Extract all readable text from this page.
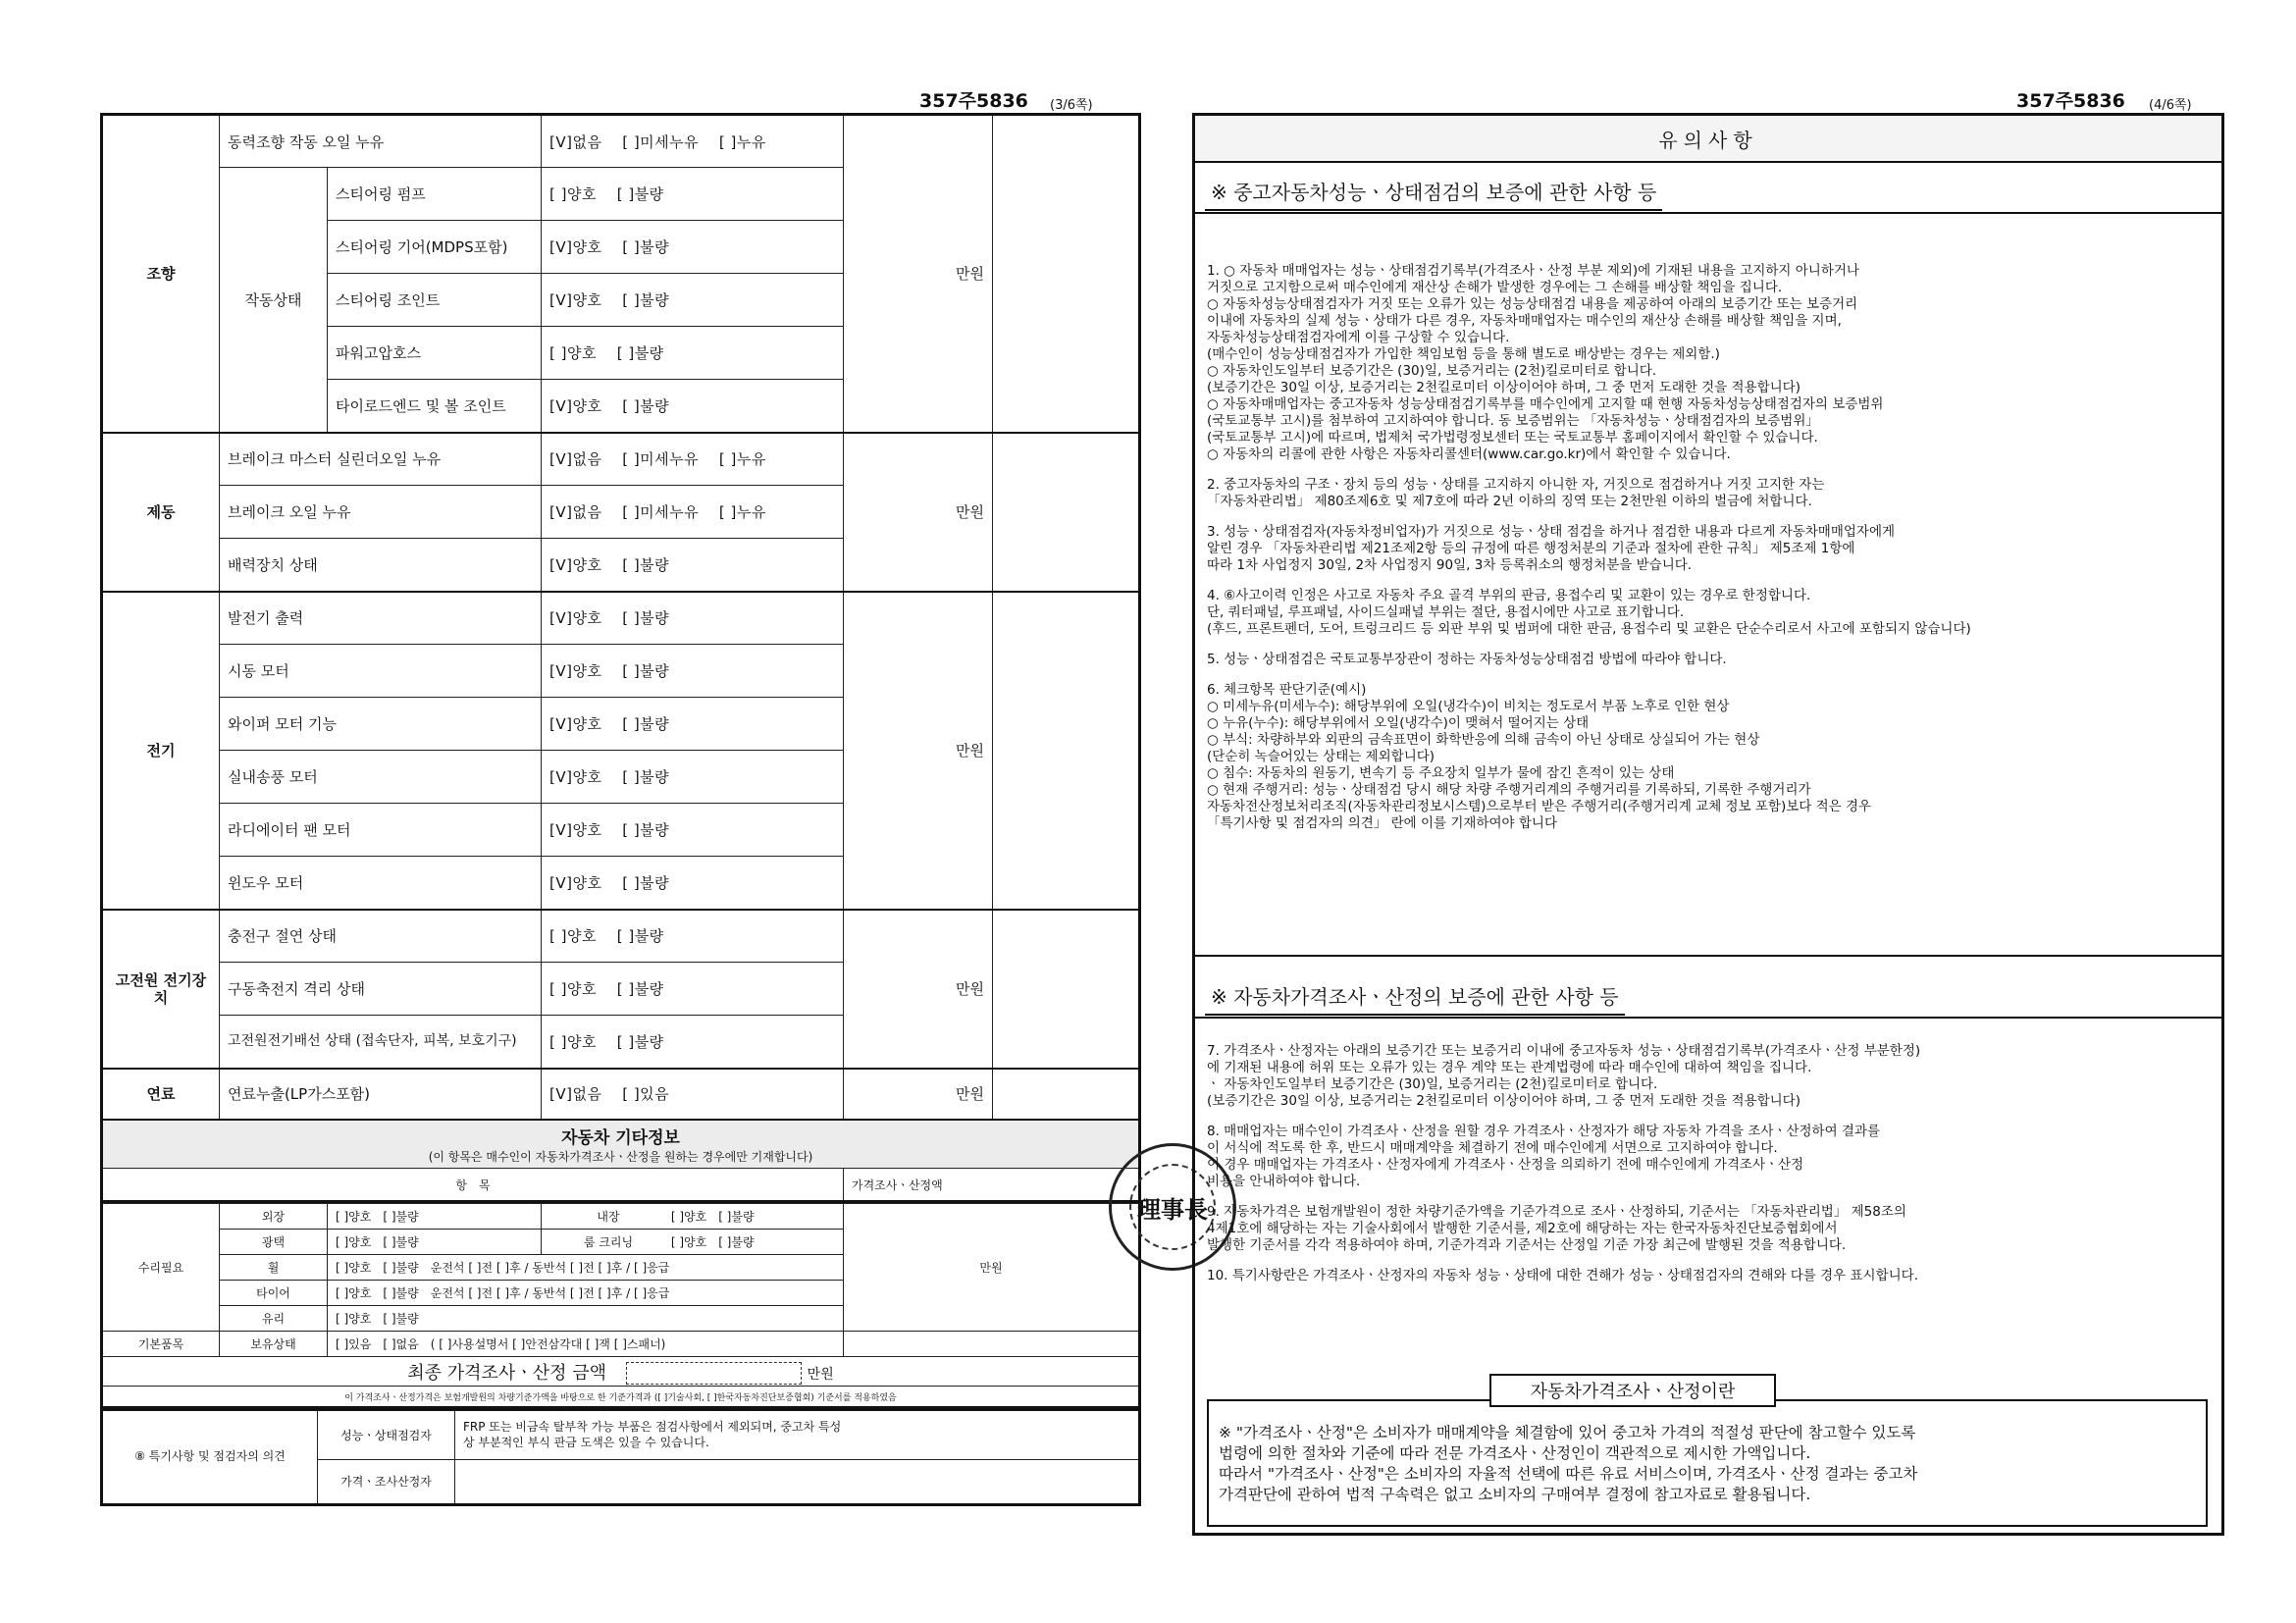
357주5836 (3/6쪽)
조향	동력조향 작동 오일 누유		[V]없음　 [ ]미세누유　 [ ]누유	만원	
	작동상태	스티어링 펌프	[ ]양호　 [ ]불량		
		스티어링 기어(MDPS포함)	[V]양호　 [ ]불량		
		스티어링 조인트	[V]양호　 [ ]불량		
		파워고압호스	[ ]양호　 [ ]불량		
		타이로드엔드 및 볼 조인트	[V]양호　 [ ]불량		
제동	브레이크 마스터 실린더오일 누유		[V]없음　 [ ]미세누유　 [ ]누유	만원	
	브레이크 오일 누유		[V]없음　 [ ]미세누유　 [ ]누유		
	배력장치 상태		[V]양호　 [ ]불량		
전기	발전기 출력		[V]양호　 [ ]불량	만원	
	시동 모터		[V]양호　 [ ]불량		
	와이퍼 모터 기능		[V]양호　 [ ]불량		
	실내송풍 모터		[V]양호　 [ ]불량		
	라디에이터 팬 모터		[V]양호　 [ ]불량		
	윈도우 모터		[V]양호　 [ ]불량		
고전원 전기장치	충전구 절연 상태		[ ]양호　 [ ]불량	만원	
	구동축전지 격리 상태		[ ]양호　 [ ]불량		
	고전원전기배선 상태 (접속단자, 피복, 보호기구)		[ ]양호　 [ ]불량		
연료	연료누출(LP가스포함)		[V]없음　 [ ]있음	만원	

자동차 기타정보
(이 항목은 매수인이 자동차가격조사ㆍ산정을 원하는 경우에만 기재합니다)					

항　목				가격조사ㆍ산정액	
수리필요	외장	[ ]양호　[ ]불량	내장 [ ]양호　[ ]불량	만원
	광택	[ ]양호　[ ]불량	룸 크리닝 [ ]양호　[ ]불량	
	휠	[ ]양호　[ ]불량　운전석 [ ]전 [ ]후 / 동반석 [ ]전 [ ]후 / [ ]응급		
	타이어	[ ]양호　[ ]불량　운전석 [ ]전 [ ]후 / 동반석 [ ]전 [ ]후 / [ ]응급		
	유리	[ ]양호　[ ]불량		
기본품목	보유상태	[ ]있음　[ ]없음　( [ ]사용설명서 [ ]안전삼각대 [ ]잭 [ ]스패너)		
최종 가격조사ㆍ산정 금액 만원				
이 가격조사ㆍ산정가격은 보험개발원의 차량기준가액을 바탕으로 한 기준가격과 ([ ]기술사회, [ ]한국자동차진단보증협회) 기준서를 적용하였음				
⑧ 특기사항 및 점검자의 의견	성능ㆍ상태점검자	FRP 또는 비금속 탈부착 가능 부품은 점검사항에서 제외되며, 중고차 특성상 부분적인 부식 판금 도색은 있을 수 있습니다.
	가격ㆍ조사산정자	
理事長
357주5836 (4/6쪽)
유의사항
※ 중고자동차성능ㆍ상태점검의 보증에 관한 사항 등

1. ○ 자동차 매매업자는 성능ㆍ상태점검기록부(가격조사ㆍ산정 부분 제외)에 기재된 내용을 고지하지 아니하거나
거짓으로 고지함으로써 매수인에게 재산상 손해가 발생한 경우에는 그 손해를 배상할 책임을 집니다.
○ 자동차성능상태점검자가 거짓 또는 오류가 있는 성능상태점검 내용을 제공하여 아래의 보증기간 또는 보증거리
이내에 자동차의 실제 성능ㆍ상태가 다른 경우, 자동차매매업자는 매수인의 재산상 손해를 배상할 책임을 지며,
자동차성능상태점검자에게 이를 구상할 수 있습니다.
(매수인이 성능상태점검자가 가입한 책임보험 등을 통해 별도로 배상받는 경우는 제외함.)
○ 자동차인도일부터 보증기간은 (30)일, 보증거리는 (2천)킬로미터로 합니다.
(보증기간은 30일 이상, 보증거리는 2천킬로미터 이상이어야 하며, 그 중 먼저 도래한 것을 적용합니다)
○ 자동차매매업자는 중고자동차 성능상태점검기록부를 매수인에게 고지할 때 현행 자동차성능상태점검자의 보증범위
(국토교통부 고시)를 첨부하여 고지하여야 합니다. 동 보증범위는 「자동차성능ㆍ상태점검자의 보증범위」
(국토교통부 고시)에 따르며, 법제처 국가법령정보센터 또는 국토교통부 홈페이지에서 확인할 수 있습니다.
○ 자동차의 리콜에 관한 사항은 자동차리콜센터(www.car.go.kr)에서 확인할 수 있습니다.

2. 중고자동차의 구조ㆍ장치 등의 성능ㆍ상태를 고지하지 아니한 자, 거짓으로 점검하거나 거짓 고지한 자는
「자동차관리법」 제80조제6호 및 제7호에 따라 2년 이하의 징역 또는 2천만원 이하의 벌금에 처합니다.

3. 성능ㆍ상태점검자(자동차정비업자)가 거짓으로 성능ㆍ상태 점검을 하거나 점검한 내용과 다르게 자동차매매업자에게
알린 경우 「자동차관리법 제21조제2항 등의 규정에 따른 행정처분의 기준과 절차에 관한 규칙」 제5조제 1항에
따라 1차 사업정지 30일, 2차 사업정지 90일, 3차 등록취소의 행정처분을 받습니다.

4. ⑥사고이력 인정은 사고로 자동차 주요 골격 부위의 판금, 용접수리 및 교환이 있는 경우로 한정합니다.
단, 쿼터패널, 루프패널, 사이드실패널 부위는 절단, 용접시에만 사고로 표기합니다.
(후드, 프론트펜더, 도어, 트렁크리드 등 외판 부위 및 범퍼에 대한 판금, 용접수리 및 교환은 단순수리로서 사고에 포함되지 않습니다)

5. 성능ㆍ상태점검은 국토교통부장관이 정하는 자동차성능상태점검 방법에 따라야 합니다.

6. 체크항목 판단기준(예시)
○ 미세누유(미세누수): 해당부위에 오일(냉각수)이 비치는 정도로서 부품 노후로 인한 현상
○ 누유(누수): 해당부위에서 오일(냉각수)이 맺혀서 떨어지는 상태
○ 부식: 차량하부와 외판의 금속표면이 화학반응에 의해 금속이 아닌 상태로 상실되어 가는 현상
(단순히 녹슬어있는 상태는 제외합니다)
○ 침수: 자동차의 원동기, 변속기 등 주요장치 일부가 물에 잠긴 흔적이 있는 상태
○ 현재 주행거리: 성능ㆍ상태점검 당시 해당 차량 주행거리계의 주행거리를 기록하되, 기록한 주행거리가
자동차전산정보처리조직(자동차관리정보시스템)으로부터 받은 주행거리(주행거리계 교체 정보 포함)보다 적은 경우
「특기사항 및 점검자의 의견」 란에 이를 기재하여야 합니다

※ 자동차가격조사ㆍ산정의 보증에 관한 사항 등

7. 가격조사ㆍ산정자는 아래의 보증기간 또는 보증거리 이내에 중고자동차 성능ㆍ상태점검기록부(가격조사ㆍ산정 부분한정)
에 기재된 내용에 허위 또는 오류가 있는 경우 계약 또는 관계법령에 따라 매수인에 대하여 책임을 집니다.
ㆍ 자동차인도일부터 보증기간은 (30)일, 보증거리는 (2천)킬로미터로 합니다.
(보증기간은 30일 이상, 보증거리는 2천킬로미터 이상이어야 하며, 그 중 먼저 도래한 것을 적용합니다)

8. 매매업자는 매수인이 가격조사ㆍ산정을 원할 경우 가격조사ㆍ산정자가 해당 자동차 가격을 조사ㆍ산정하여 결과를
이 서식에 적도록 한 후, 반드시 매매계약을 체결하기 전에 매수인에게 서면으로 고지하여야 합니다.
이 경우 매매업자는 가격조사ㆍ산정자에게 가격조사ㆍ산정을 의뢰하기 전에 매수인에게 가격조사ㆍ산정
비용을 안내하여야 합니다.

9. 자동차가격은 보험개발원이 정한 차량기준가액을 기준가격으로 조사ㆍ산정하되, 기준서는 「자동차관리법」 제58조의
4제1호에 해당하는 자는 기술사회에서 발행한 기준서를, 제2호에 해당하는 자는 한국자동차진단보증협회에서
발행한 기준서를 각각 적용하여야 하며, 기준가격과 기준서는 산정일 기준 가장 최근에 발행된 것을 적용합니다.

10. 특기사항란은 가격조사ㆍ산정자의 자동차 성능ㆍ상태에 대한 견해가 성능ㆍ상태점검자의 견해와 다를 경우 표시합니다.

자동차가격조사ㆍ산정이란
※ "가격조사ㆍ산정"은 소비자가 매매계약을 체결함에 있어 중고차 가격의 적절성 판단에 참고할수 있도록
법령에 의한 절차와 기준에 따라 전문 가격조사ㆍ산정인이 객관적으로 제시한 가액입니다.
따라서 "가격조사ㆍ산정"은 소비자의 자율적 선택에 따른 유료 서비스이며, 가격조사ㆍ산정 결과는 중고차
가격판단에 관하여 법적 구속력은 없고 소비자의 구매여부 결정에 참고자료로 활용됩니다.
